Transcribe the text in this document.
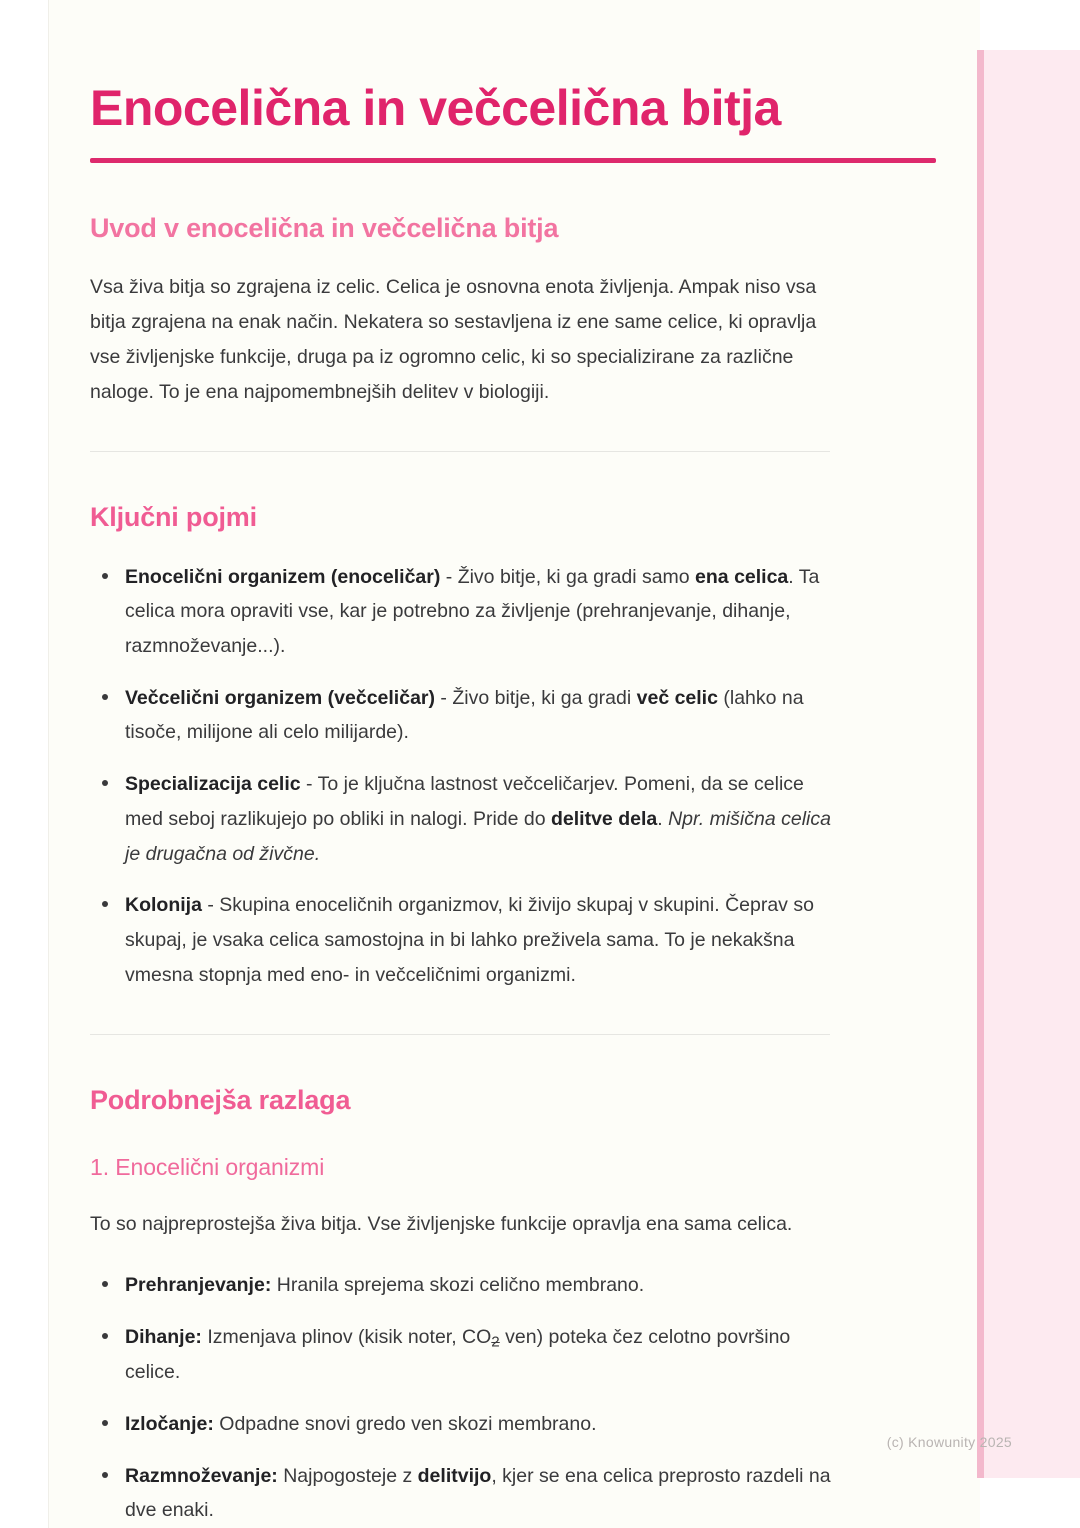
Enocelična in večcelična bitja
Uvod v enocelična in večcelična bitja

Vsa živa bitja so zgrajena iz celic. Celica je osnovna enota življenja. Ampak niso vsa bitja zgrajena na enak način. Nekatera so sestavljena iz ene same celice, ki opravlja vse življenjske funkcije, druga pa iz ogromno celic, ki so specializirane za različne naloge. To je ena najpomembnejših delitev v biologiji.

Ključni pojmi
Enocelični organizem (enoceličar) - Živo bitje, ki ga gradi samo ena celica. Ta celica mora opraviti vse, kar je potrebno za življenje (prehranjevanje, dihanje, razmnoževanje...).
Večcelični organizem (večceličar) - Živo bitje, ki ga gradi več celic (lahko na tisoče, milijone ali celo milijarde).
Specializacija celic - To je ključna lastnost večceličarjev. Pomeni, da se celice med seboj razlikujejo po obliki in nalogi. Pride do delitve dela. Npr. mišična celica je drugačna od živčne.
Kolonija - Skupina enoceličnih organizmov, ki živijo skupaj v skupini. Čeprav so skupaj, je vsaka celica samostojna in bi lahko preživela sama. To je nekakšna vmesna stopnja med eno- in večceličnimi organizmi.
Podrobnejša razlaga
1. Enocelični organizmi

To so najpreprostejša živa bitja. Vse življenjske funkcije opravlja ena sama celica.

Prehranjevanje: Hranila sprejema skozi celično membrano.
Dihanje: Izmenjava plinov (kisik noter, CO2 ven) poteka čez celotno površino celice.
Izločanje: Odpadne snovi gredo ven skozi membrano.
Razmnoževanje: Najpogosteje z delitvijo, kjer se ena celica preprosto razdeli na dve enaki.
(c) Knowunity 2025
